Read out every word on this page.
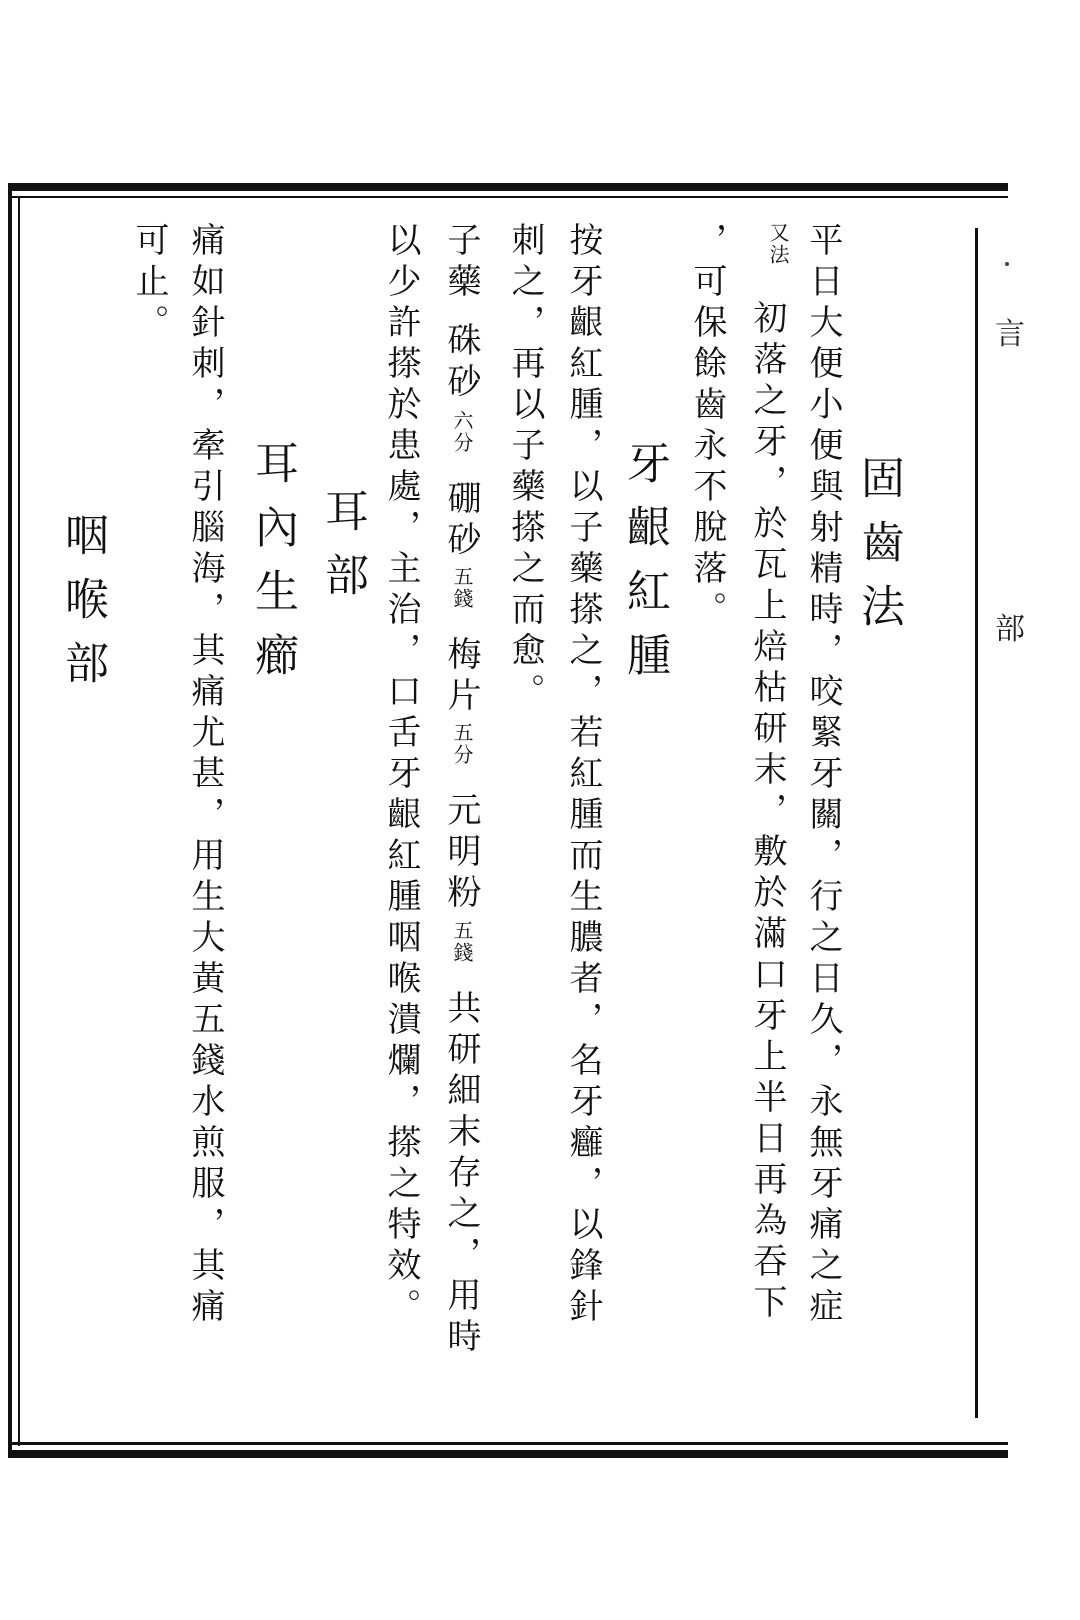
言
部
固齒法
平日大便小便與射精時，咬緊牙關，行之日久，永無牙痛之症
又法
初落之牙，於瓦上焙枯研末，敷於滿口牙上半日再為吞下
，可保餘齒永不脫落。
牙齦紅腫
按牙齦紅腫，以子藥搽之，若紅腫而生膿者，名牙癰，以鋒針
刺之，再以子藥搽之而愈。
子藥
硃砂
六分
硼砂
五錢
梅片
五分
元明粉
五錢
共研細末存之，用時
以少許搽於患處，主治，口舌牙齦紅腫咽喉潰爛，搽之特效。
耳部
耳內生癤
痛如針刺，牽引腦海，其痛尤甚，用生大黃五錢水煎服，其痛
可止。
咽喉部
